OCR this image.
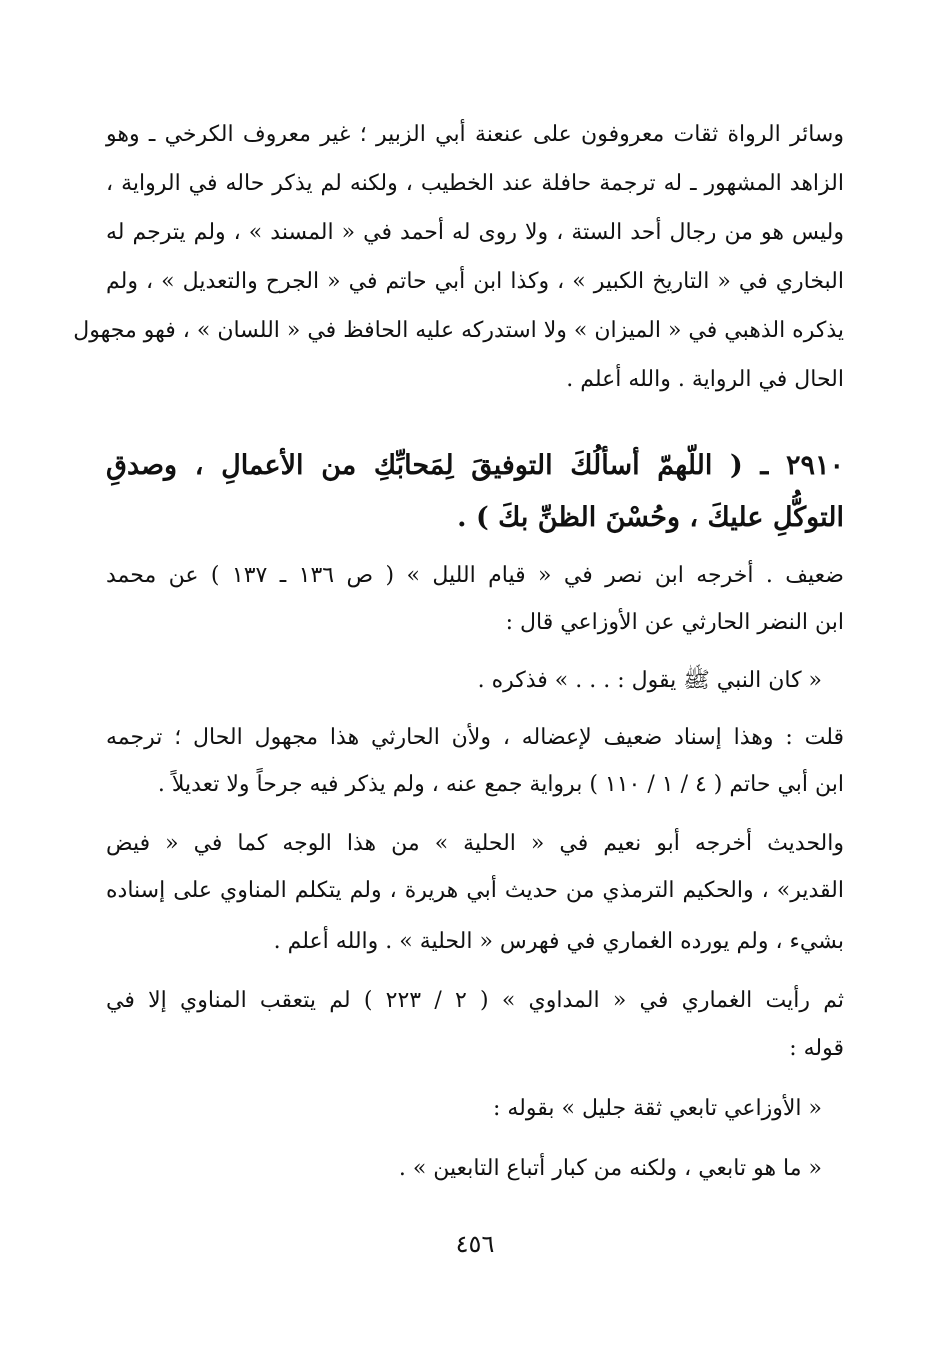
وسائر الرواة ثقات معروفون على عنعنة أبي الزبير ؛ غير معروف الكرخي ـ وهو
الزاهد المشهور ـ له ترجمة حافلة عند الخطيب ، ولكنه لم يذكر حاله في الرواية ،
وليس هو من رجال أحد الستة ، ولا روى له أحمد في « المسند » ، ولم يترجم له
البخاري في « التاريخ الكبير » ، وكذا ابن أبي حاتم في « الجرح والتعديل » ، ولم
يذكره الذهبي في « الميزان » ولا استدركه عليه الحافظ في « اللسان » ، فهو مجهول
الحال في الرواية . والله أعلم .
٢٩١٠ ـ ( اللّهمّ أسألُكَ التوفيقَ لِمَحابِّكِ من الأعمالِ ، وصدقِ
التوكُّلِ عليكَ ، وحُسْنَ الظنِّ بكَ ) .
ضعيف . أخرجه ابن نصر في « قيام الليل » ( ص ١٣٦ ـ ١٣٧ ) عن محمد
ابن النضر الحارثي عن الأوزاعي قال :
« كان النبي ﷺ يقول : . . . » فذكره .
قلت : وهذا إسناد ضعيف لإعضاله ، ولأن الحارثي هذا مجهول الحال ؛ ترجمه
ابن أبي حاتم ( ٤ / ١ / ١١٠ ) برواية جمع عنه ، ولم يذكر فيه جرحاً ولا تعديلاً .
والحديث أخرجه أبو نعيم في « الحلية » من هذا الوجه كما في « فيض
القدير» ، والحكيم الترمذي من حديث أبي هريرة ، ولم يتكلم المناوي على إسناده
بشيء ، ولم يورده الغماري في فهرس « الحلية » . والله أعلم .
ثم رأيت الغماري في « المداوي » ( ٢ / ٢٢٣ ) لم يتعقب المناوي إلا في
قوله :
« الأوزاعي تابعي ثقة جليل » بقوله :
« ما هو تابعي ، ولكنه من كبار أتباع التابعين » .
٤٥٦
